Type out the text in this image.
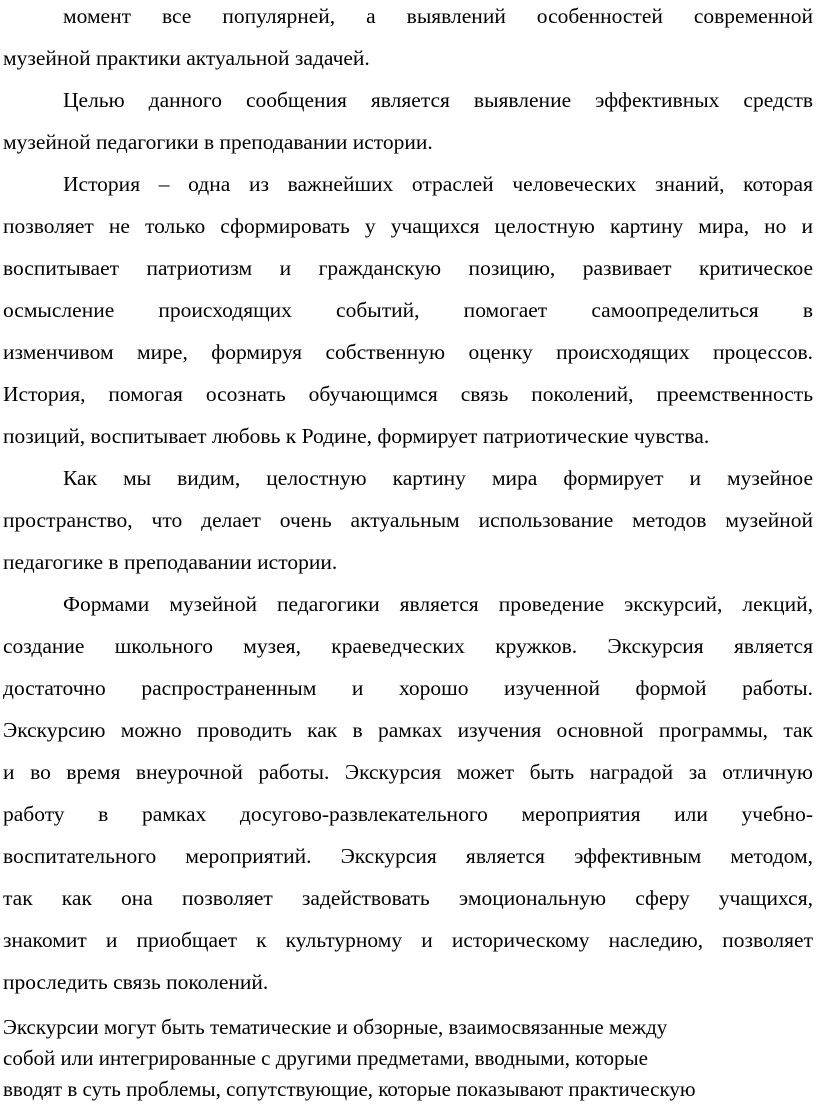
момент все популярней, а выявлений особенностей современной
музейной практики актуальной задачей.
Целью данного сообщения является выявление эффективных средств
музейной педагогики в преподавании истории.
История – одна из важнейших отраслей человеческих знаний, которая
позволяет не только сформировать у учащихся целостную картину мира, но и
воспитывает патриотизм и гражданскую позицию, развивает критическое
осмысление происходящих событий, помогает самоопределиться в
изменчивом мире, формируя собственную оценку происходящих процессов.
История, помогая осознать обучающимся связь поколений, преемственность
позиций, воспитывает любовь к Родине, формирует патриотические чувства.
Как мы видим, целостную картину мира формирует и музейное
пространство, что делает очень актуальным использование методов музейной
педагогике в преподавании истории.
Формами музейной педагогики является проведение экскурсий, лекций,
создание школьного музея, краеведческих кружков. Экскурсия является
достаточно распространенным и хорошо изученной формой работы.
Экскурсию можно проводить как в рамках изучения основной программы, так
и во время внеурочной работы. Экскурсия может быть наградой за отличную
работу в рамках досугово-развлекательного мероприятия или учебно-
воспитательного мероприятий. Экскурсия является эффективным методом,
так как она позволяет задействовать эмоциональную сферу учащихся,
знакомит и приобщает к культурному и историческому наследию, позволяет
проследить связь поколений.
Экскурсии могут быть тематические и обзорные, взаимосвязанные между
собой или интегрированные с другими предметами, вводными, которые
вводят в суть проблемы, сопутствующие, которые показывают практическую
